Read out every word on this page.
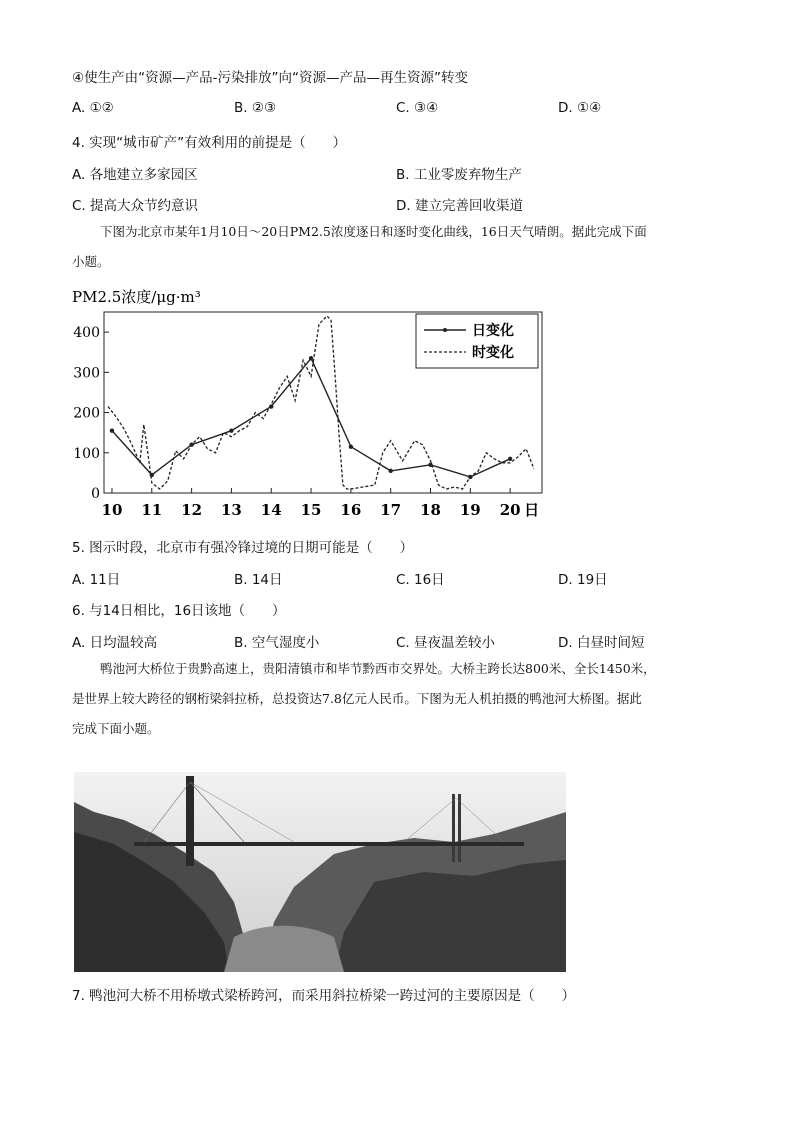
④使生产由“资源—产品-污染排放”向“资源—产品—再生资源”转变
A. ①②	B. ②③	C. ③④	D. ①④
4. 实现“城市矿产”有效利用的前提是（　　）
A. 各地建立多家园区	B. 工业零废弃物生产
C. 提高大众节约意识	D. 建立完善回收渠道
下图为北京市某年1月10日～20日PM2.5浓度逐日和逐时变化曲线，16日天气晴朗。据此完成下面
小题。
PM2.5浓度/μg·m³
0
100
200
300
400
10 11 12 13 14 15 16 17 18 19 20 日
日变化
时变化
5. 图示时段，北京市有强冷锋过境的日期可能是（　　）
A. 11日	B. 14日	C. 16日	D. 19日
6. 与14日相比，16日该地（　　）
A. 日均温较高	B. 空气湿度小	C. 昼夜温差较小	D. 白昼时间短
鸭池河大桥位于贵黔高速上，贵阳清镇市和毕节黔西市交界处。大桥主跨长达800米、全长1450米，
是世界上较大跨径的钢桁梁斜拉桥，总投资达7.8亿元人民币。下图为无人机拍摄的鸭池河大桥图。据此
完成下面小题。
7. 鸭池河大桥不用桥墩式梁桥跨河，而采用斜拉桥梁一跨过河的主要原因是（　　）
